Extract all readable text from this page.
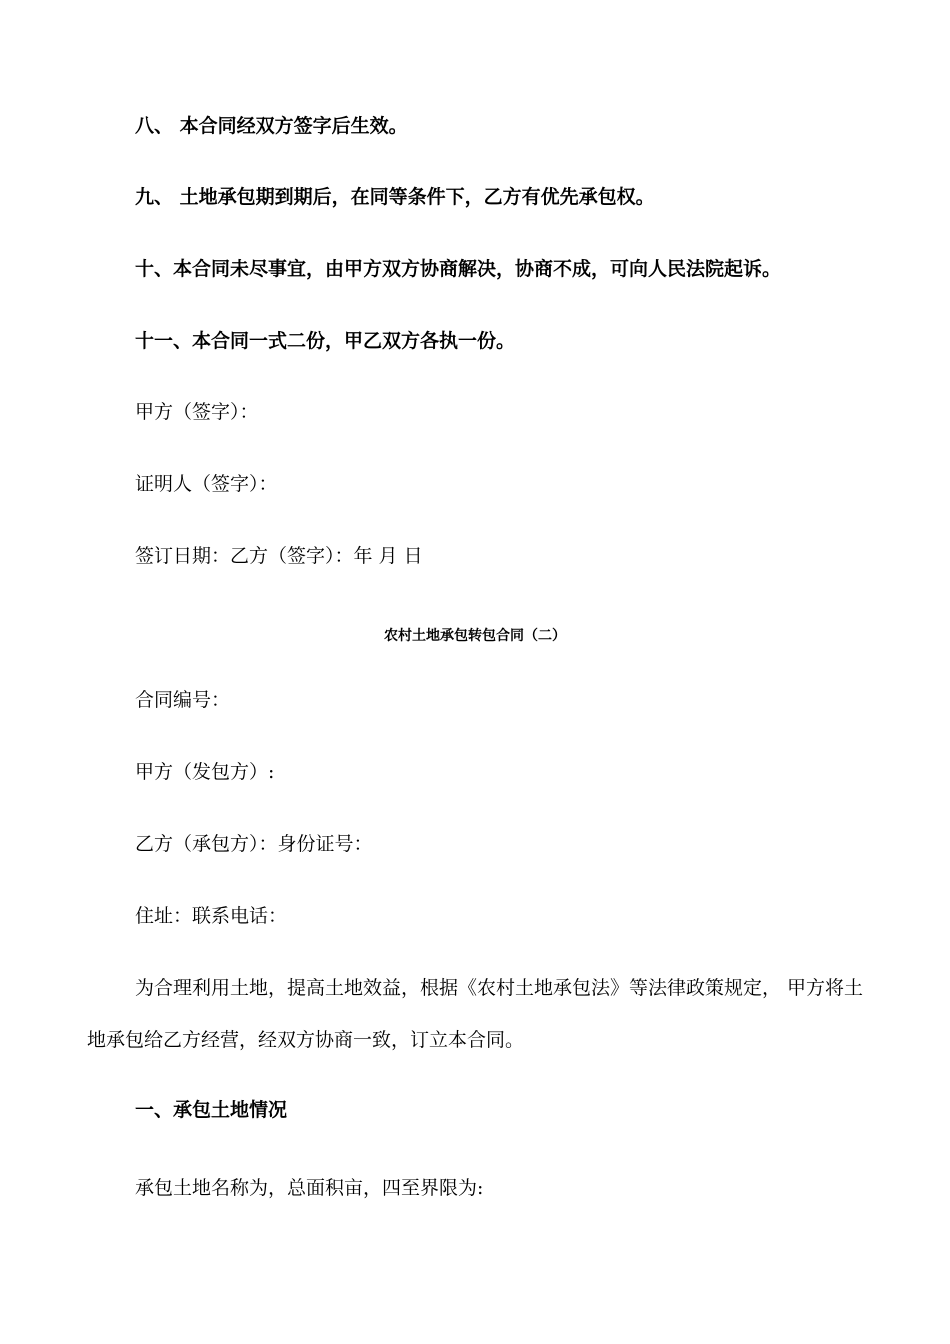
八、 本合同经双方签字后生效。
九、 土地承包期到期后，在同等条件下，乙方有优先承包权。
十、本合同未尽事宜，由甲方双方协商解决，协商不成，可向人民法院起诉。
十一、本合同一式二份，甲乙双方各执一份。
甲方（签字）：
证明人（签字）：
签订日期：乙方（签字）：年 月 日
农村土地承包转包合同（二）
合同编号：
甲方（发包方）:
乙方（承包方）：身份证号：
住址：联系电话：
为合理利用土地，提高土地效益，根据《农村土地承包法》等法律政策规定， 甲方将土地承包给乙方经营，经双方协商一致，订立本合同。
一、承包土地情况
承包土地名称为，总面积亩，四至界限为:
